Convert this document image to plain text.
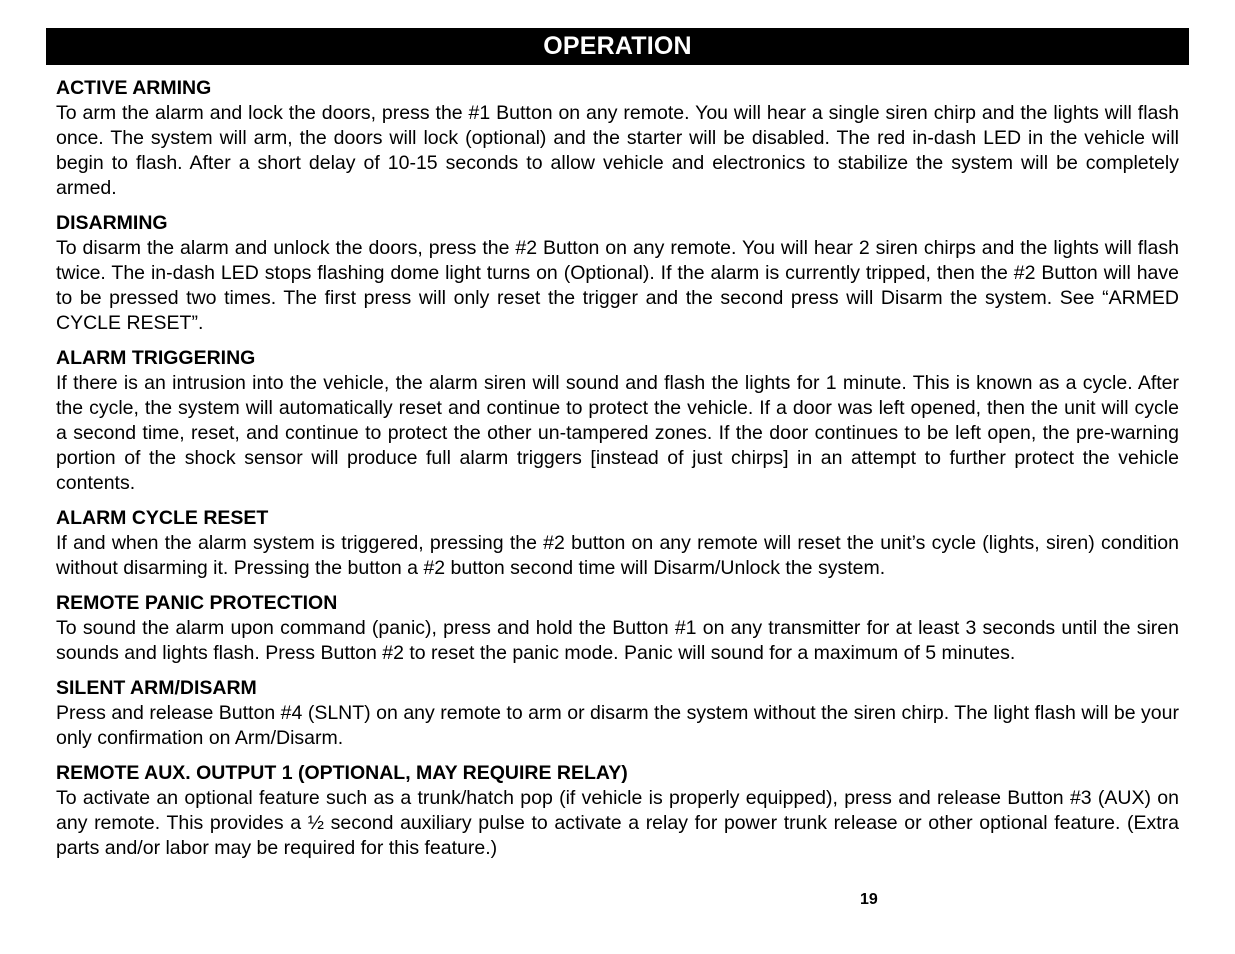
OPERATION
ACTIVE ARMING

To arm the alarm and lock the doors, press the #1 Button on any remote. You will hear a single siren chirp and the lights will flash once. The system will arm, the doors will lock (optional) and the starter will be disabled. The red in-dash LED in the vehicle will begin to flash. After a short delay of 10-15 seconds to allow vehicle and electronics to stabilize the system will be completely armed.

DISARMING

To disarm the alarm and unlock the doors, press the #2 Button on any remote. You will hear 2 siren chirps and the lights will flash twice. The in-dash LED stops flashing dome light turns on (Optional). If the alarm is currently tripped, then the #2 Button will have to be pressed two times. The first press will only reset the trigger and the second press will Disarm the system. See “ARMED CYCLE RESET”.

ALARM TRIGGERING

If there is an intrusion into the vehicle, the alarm siren will sound and flash the lights for 1 minute. This is known as a cycle. After the cycle, the system will automatically reset and continue to protect the vehicle. If a door was left opened, then the unit will cycle a second time, reset, and continue to protect the other un-tampered zones. If the door continues to be left open, the pre-warning portion of the shock sensor will produce full alarm triggers [instead of just chirps] in an attempt to further protect the vehicle contents.

ALARM CYCLE RESET

If and when the alarm system is triggered, pressing the #2 button on any remote will reset the unit’s cycle (lights, siren) condition without disarming it. Pressing the button a #2 button second time will Disarm/Unlock the system.

REMOTE PANIC PROTECTION

To sound the alarm upon command (panic), press and hold the Button #1 on any transmitter for at least 3 seconds until the siren sounds and lights flash. Press Button #2 to reset the panic mode. Panic will sound for a maximum of 5 minutes.

SILENT ARM/DISARM

Press and release Button #4 (SLNT) on any remote to arm or disarm the system without the siren chirp. The light flash will be your only confirmation on Arm/Disarm.

REMOTE AUX. OUTPUT 1 (OPTIONAL, MAY REQUIRE RELAY)

To activate an optional feature such as a trunk/hatch pop (if vehicle is properly equipped), press and release Button #3 (AUX) on any remote. This provides a ½ second auxiliary pulse to activate a relay for power trunk release or other optional feature. (Extra parts and/or labor may be required for this feature.)

19
